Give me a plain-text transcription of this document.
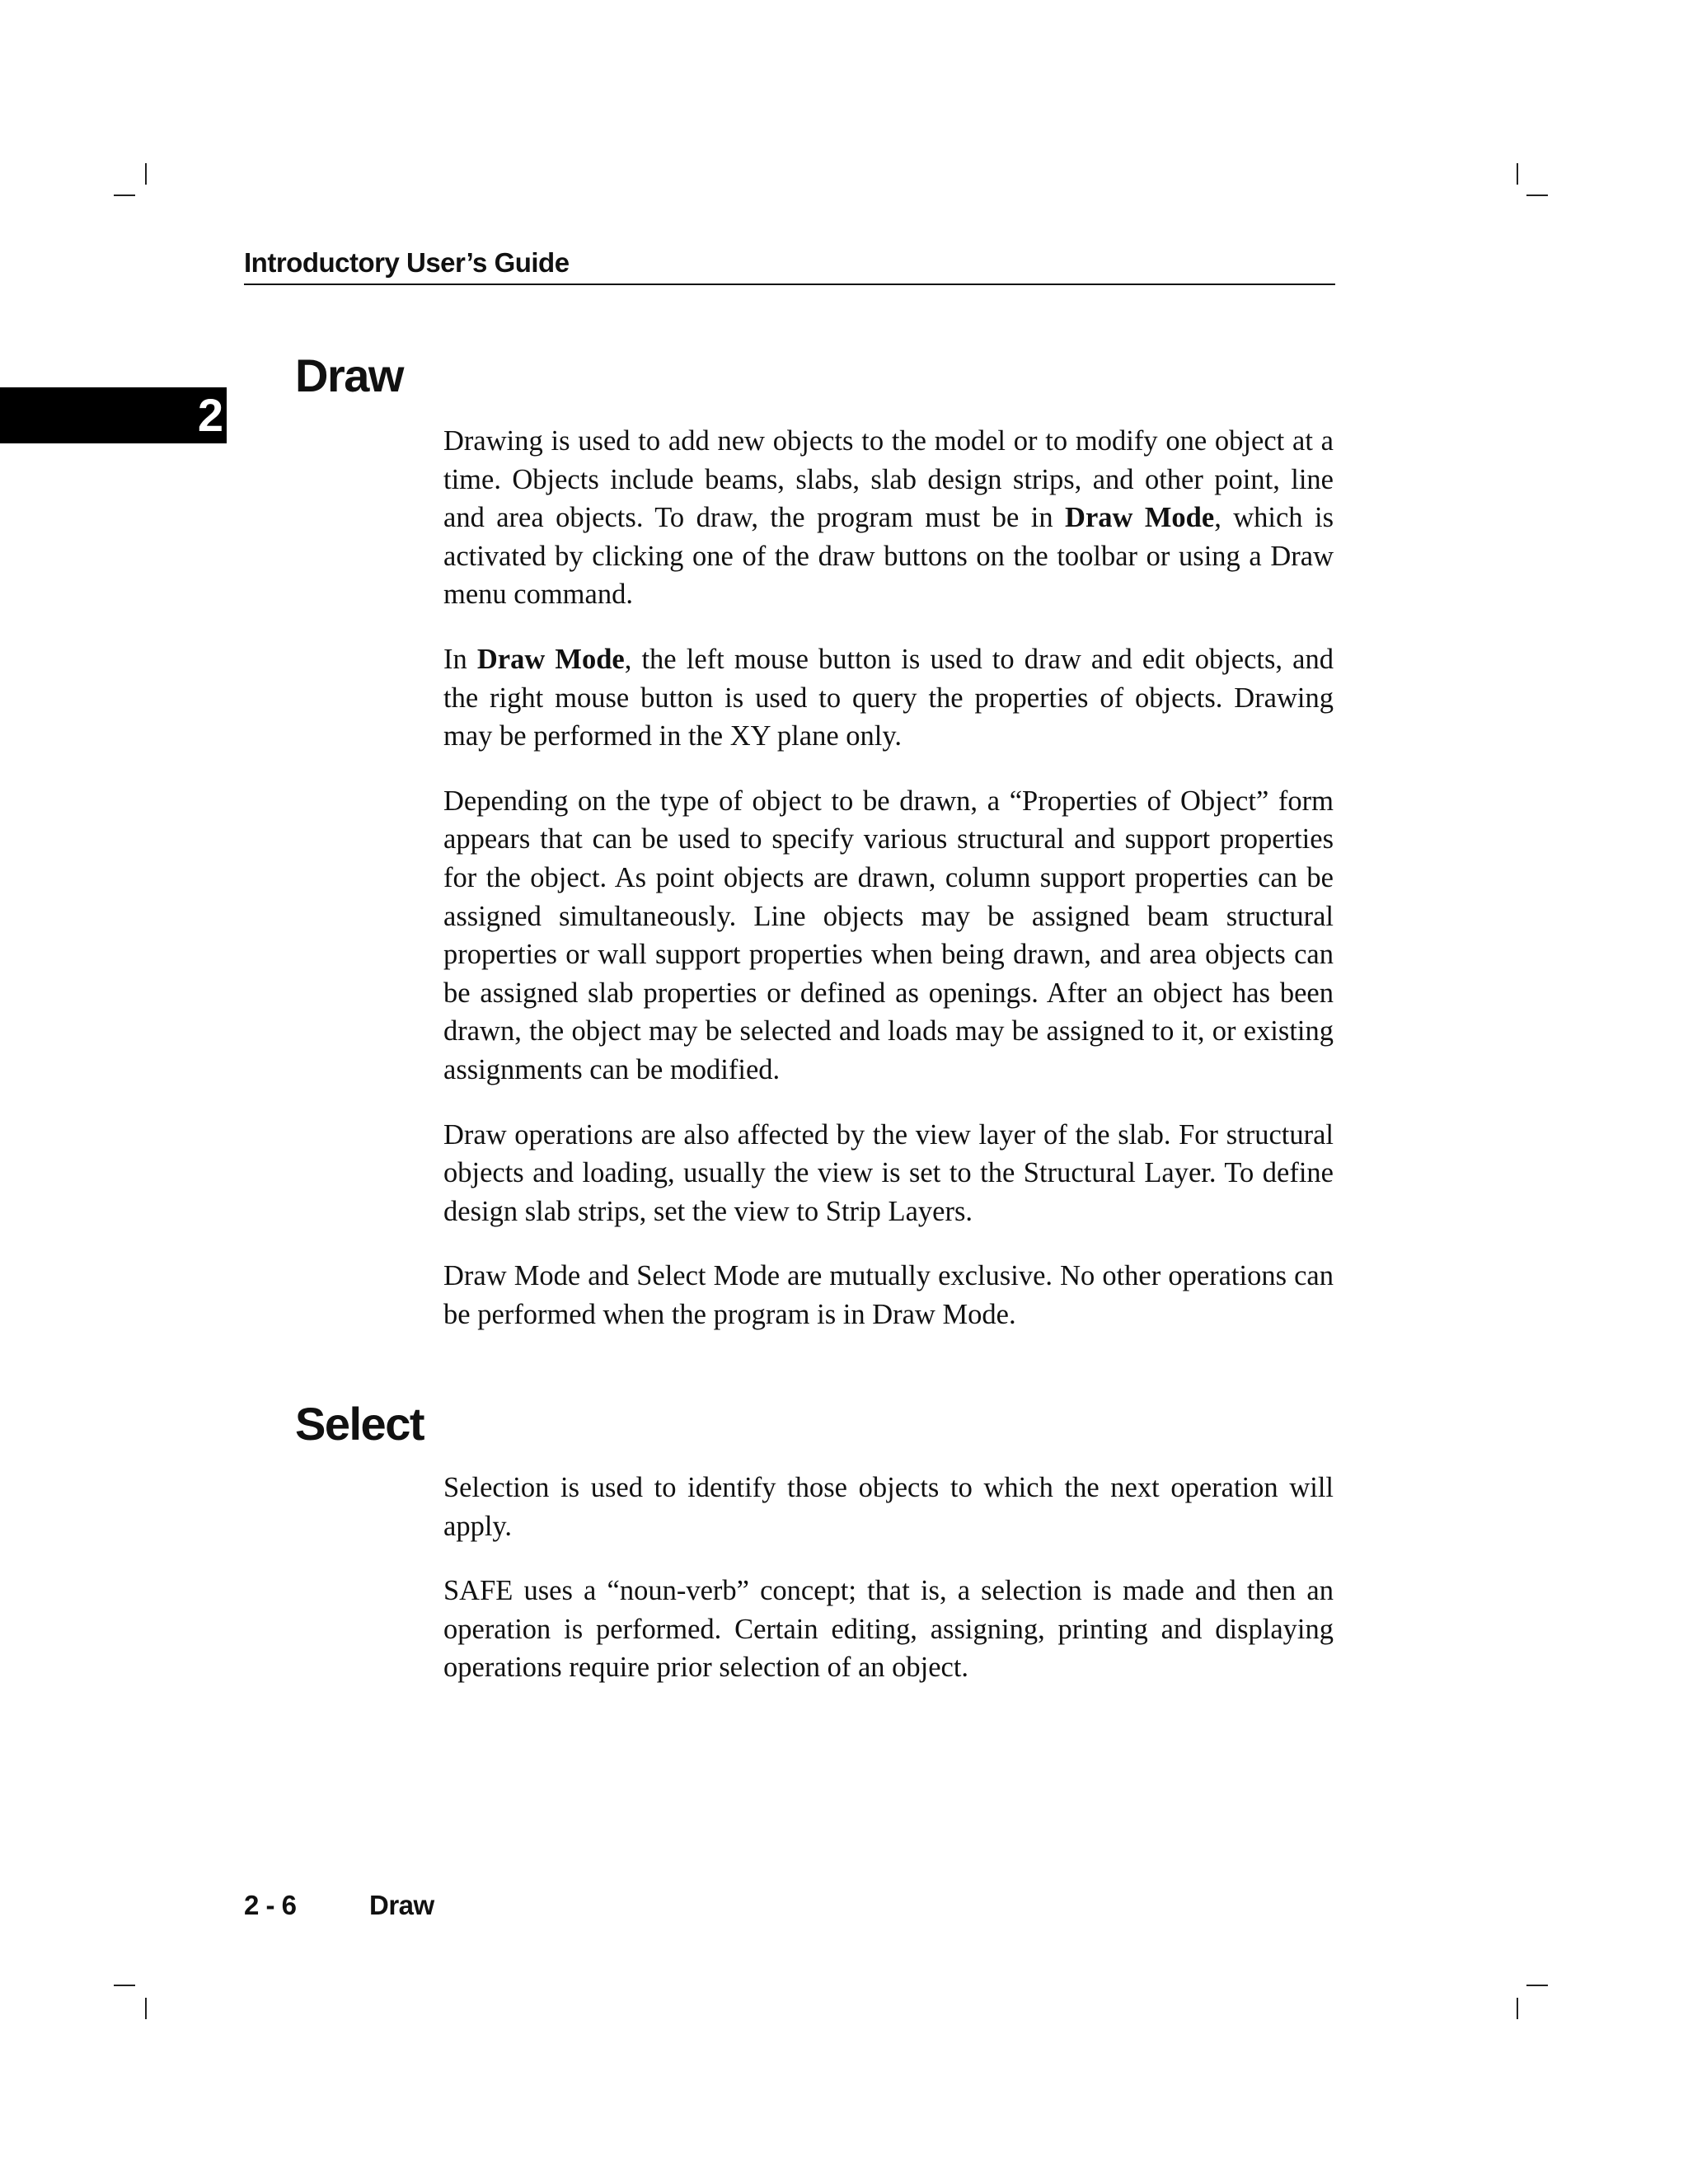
Introductory User’s Guide
2
Draw

Drawing is used to add new objects to the model or to modify one object at a time. Objects include beams, slabs, slab design strips, and other point, line and area objects. To draw, the program must be in Draw Mode, which is activated by clicking one of the draw buttons on the toolbar or using a Draw menu command.

In Draw Mode, the left mouse button is used to draw and edit objects, and the right mouse button is used to query the properties of objects. Drawing may be performed in the XY plane only.

Depending on the type of object to be drawn, a “Properties of Object” form appears that can be used to specify various structural and support properties for the object. As point objects are drawn, column support properties can be assigned simultaneously. Line objects may be assigned beam structural properties or wall support properties when being drawn, and area objects can be assigned slab properties or defined as openings. After an object has been drawn, the object may be selected and loads may be assigned to it, or existing assignments can be modified.

Draw operations are also affected by the view layer of the slab. For structural objects and loading, usually the view is set to the Structural Layer. To define design slab strips, set the view to Strip Layers.

Draw Mode and Select Mode are mutually exclusive. No other operations can be performed when the program is in Draw Mode.

Select

Selection is used to identify those objects to which the next operation will apply.

SAFE uses a “noun-verb” concept; that is, a selection is made and then an operation is performed. Certain editing, assigning, printing and displaying operations require prior selection of an object.

2 - 6	Draw
